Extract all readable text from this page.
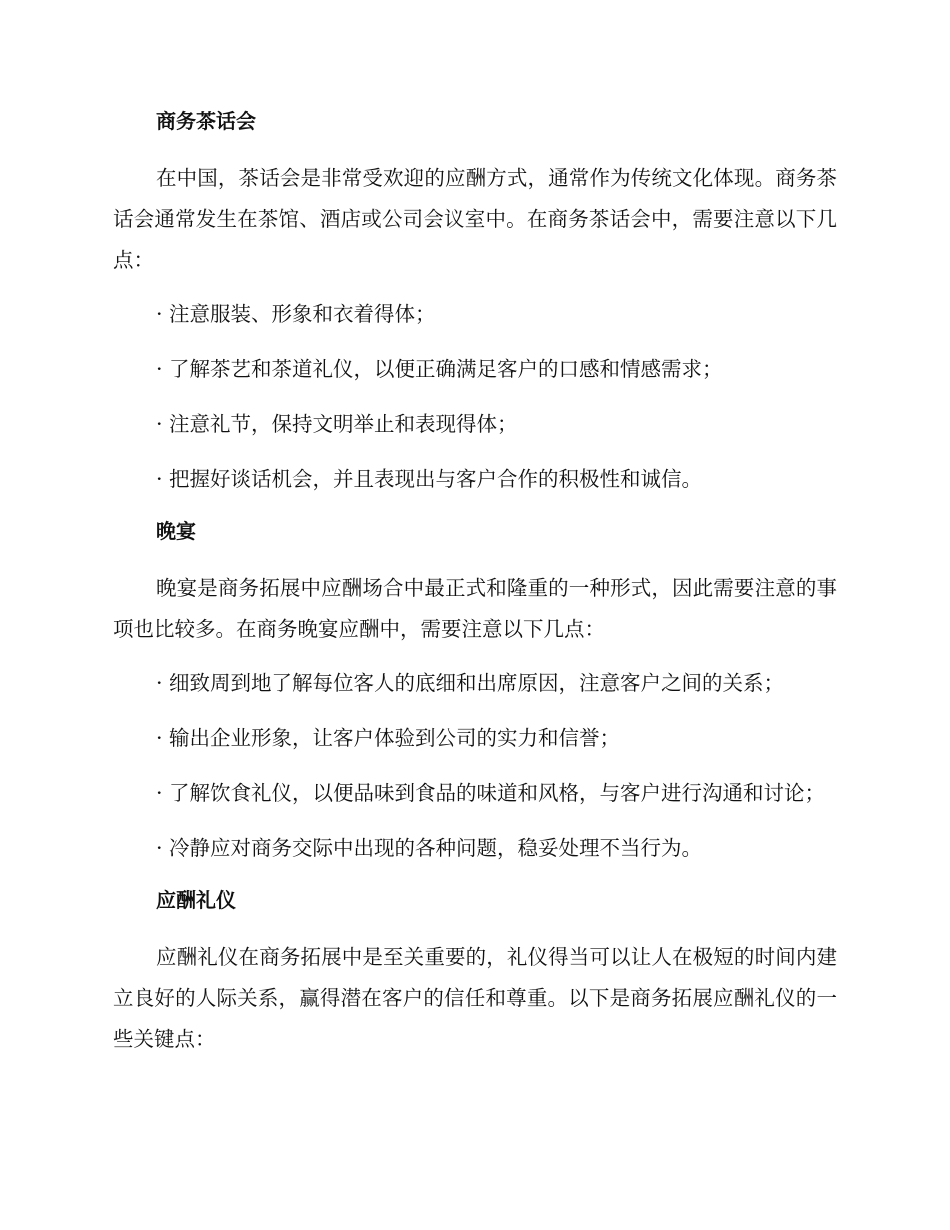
商务茶话会

在中国，茶话会是非常受欢迎的应酬方式，通常作为传统文化体现。商务茶话会通常发生在茶馆、酒店或公司会议室中。在商务茶话会中，需要注意以下几点：

· 注意服装、形象和衣着得体；

· 了解茶艺和茶道礼仪，以便正确满足客户的口感和情感需求；

· 注意礼节，保持文明举止和表现得体；

· 把握好谈话机会，并且表现出与客户合作的积极性和诚信。

晚宴

晚宴是商务拓展中应酬场合中最正式和隆重的一种形式，因此需要注意的事项也比较多。在商务晚宴应酬中，需要注意以下几点：

· 细致周到地了解每位客人的底细和出席原因，注意客户之间的关系；

· 输出企业形象，让客户体验到公司的实力和信誉；

· 了解饮食礼仪，以便品味到食品的味道和风格，与客户进行沟通和讨论；

· 冷静应对商务交际中出现的各种问题，稳妥处理不当行为。

应酬礼仪

应酬礼仪在商务拓展中是至关重要的，礼仪得当可以让人在极短的时间内建立良好的人际关系，赢得潜在客户的信任和尊重。以下是商务拓展应酬礼仪的一些关键点：
